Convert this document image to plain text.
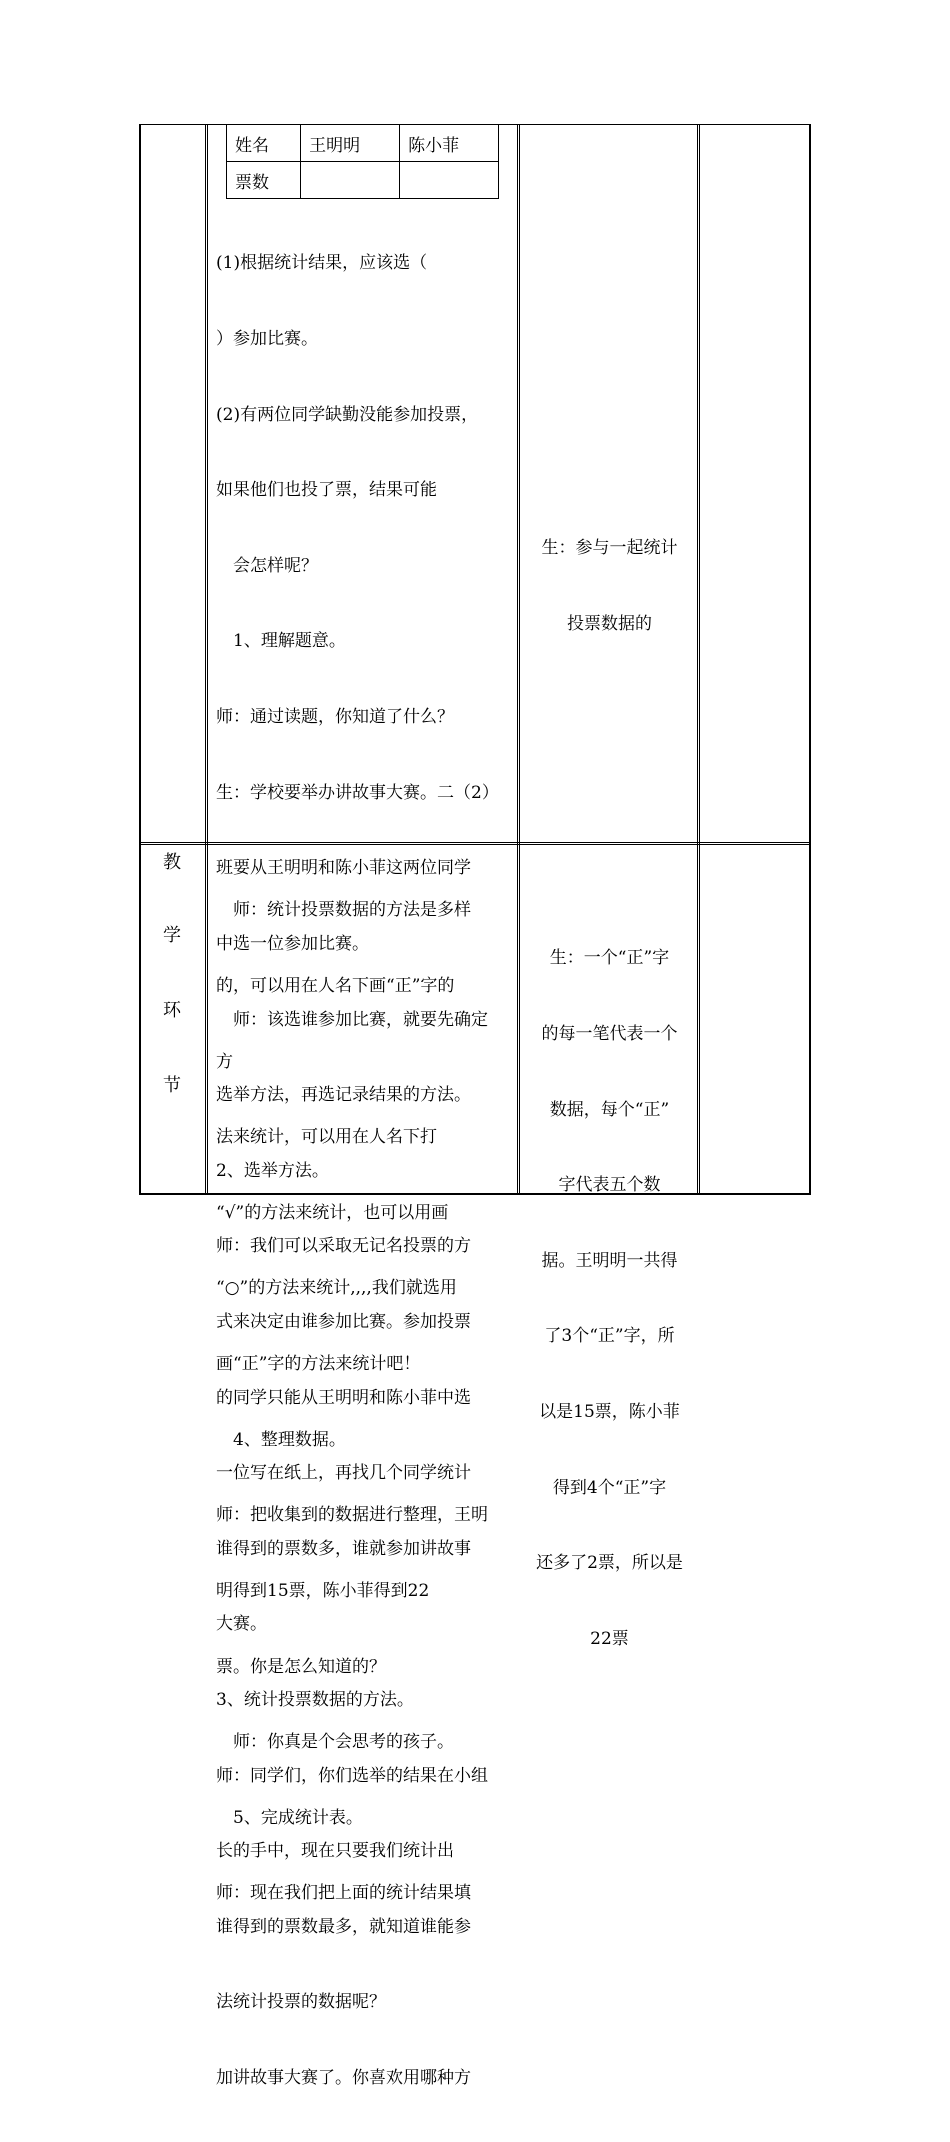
姓名	王明明	陈小菲
票数		

(1)根据统计结果，应该选（

）参加比赛。

(2)有两位同学缺勤没能参加投票，

如果他们也投了票，结果可能

　会怎样呢？

　1、理解题意。

师：通过读题，你知道了什么？

生：学校要举办讲故事大赛。二（2）

班要从王明明和陈小菲这两位同学

中选一位参加比赛。

　师：该选谁参加比赛，就要先确定

选举方法，再选记录结果的方法。

2、选举方法。

师：我们可以采取无记名投票的方

式来决定由谁参加比赛。参加投票

的同学只能从王明明和陈小菲中选

一位写在纸上，再找几个同学统计

谁得到的票数多，谁就参加讲故事

大赛。

3、统计投票数据的方法。

师：同学们，你们选举的结果在小组

长的手中，现在只要我们统计出

谁得到的票数最多，就知道谁能参

法统计投票的数据呢？

加讲故事大赛了。你喜欢用哪种方

生：参与一起统计

投票数据的

教
学
环
节

　师：统计投票数据的方法是多样

的，可以用在人名下画“正”字的

方

法来统计，可以用在人名下打

“√”的方法来统计，也可以用画

“○”的方法来统计,,,,我们就选用

画“正”字的方法来统计吧！

　4、整理数据。

师：把收集到的数据进行整理，王明

明得到15票，陈小菲得到22

票。你是怎么知道的？

　师：你真是个会思考的孩子。

　5、完成统计表。

师：现在我们把上面的统计结果填

生：一个“正”字

的每一笔代表一个

数据，每个“正”

字代表五个数

据。王明明一共得

了3个“正”字，所

以是15票，陈小菲

得到4个“正”字

还多了2票，所以是

22票
